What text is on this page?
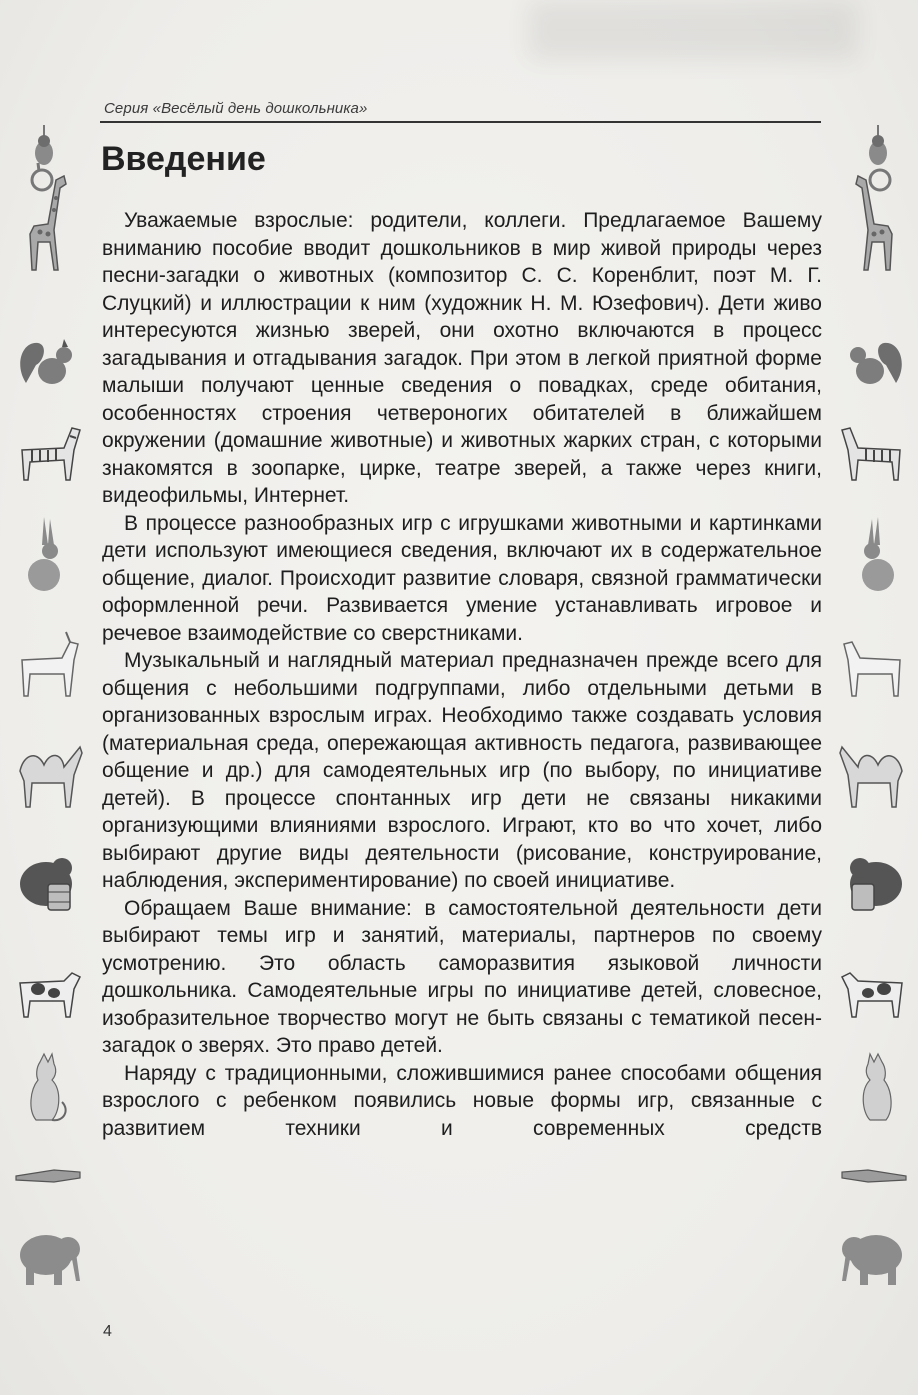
Серия «Весёлый день дошкольника»
Введение

Уважаемые взрослые: родители, коллеги. Предлагаемое Вашему вниманию пособие вводит дошкольников в мир живой природы через песни-загадки о животных (композитор С. С. Коренблит, поэт М. Г. Слуцкий) и иллюстрации к ним (художник Н. М. Юзефович). Дети живо интересуются жизнью зверей, они охотно включаются в процесс загадывания и отгадывания загадок. При этом в легкой приятной форме малыши получают ценные сведения о повадках, среде обитания, особенностях строения четвероногих обитателей в ближайшем окружении (домашние животные) и животных жарких стран, с которыми знакомятся в зоопарке, цирке, театре зверей, а также через книги, видеофильмы, Интернет.

В процессе разнообразных игр с игрушками животными и картинками дети используют имеющиеся сведения, включают их в содержательное общение, диалог. Происходит развитие словаря, связной грамматически оформленной речи. Развивается умение устанавливать игровое и речевое взаимодействие со сверстниками.

Музыкальный и наглядный материал предназначен прежде всего для общения с небольшими подгруппами, либо отдельными детьми в организованных взрослым играх. Необходимо также создавать условия (материальная среда, опережающая активность педагога, развивающее общение и др.) для самодеятельных игр (по выбору, по инициативе детей). В процессе спонтанных игр дети не связаны никакими организующими влияниями взрослого. Играют, кто во что хочет, либо выбирают другие виды деятельности (рисование, конструирование, наблюдения, экспериментирование) по своей инициативе.

Обращаем Ваше внимание: в самостоятельной деятельности дети выбирают темы игр и занятий, материалы, партнеров по своему усмотрению. Это область саморазвития языковой личности дошкольника. Самодеятельные игры по инициативе детей, словесное, изобразительное творчество могут не быть связаны с тематикой песен-загадок о зверях. Это право детей.

Наряду с традиционными, сложившимися ранее способами общения взрослого с ребенком появились новые формы игр, связанные с развитием техники и современных средств

4
